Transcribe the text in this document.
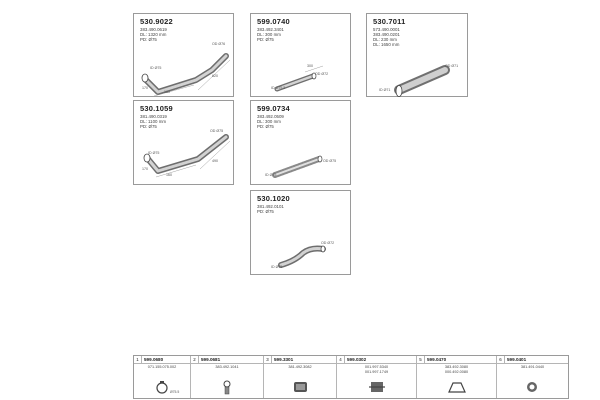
530.9022
383.490.0619
DL: 1320 mm
PD: Ø75
OD Ø76
ID Ø75
170
180
620
599.0740
383.492.3401
DL: 300 mm
PD: Ø75
OD Ø72
ID Ø75.5
300
530.7011
573.490.0001
383.490.0201
DL: 230 mm
DL: 1650 mm
OD Ø71
ID Ø71
530.1059
381.490.0319
DL: 1100 mm
PD: Ø75
OD Ø75
ID Ø75
170
160
490
599.0734
383.492.0509
DL: 300 mm
PD: Ø75
OD Ø75
ID Ø75
530.1020
381.492.0101
PD: Ø75
OD Ø72
ID Ø75
1	599.0680
071.155.075.002
Ø75.5
2	599.0681
383.492.1041
3	599.3301
381.492.3082
4	599.0302
001.997.5340
001.997.1749
5	599.0470
383.492.3080
000.492.0080
6	599.0401
381.491.0440
